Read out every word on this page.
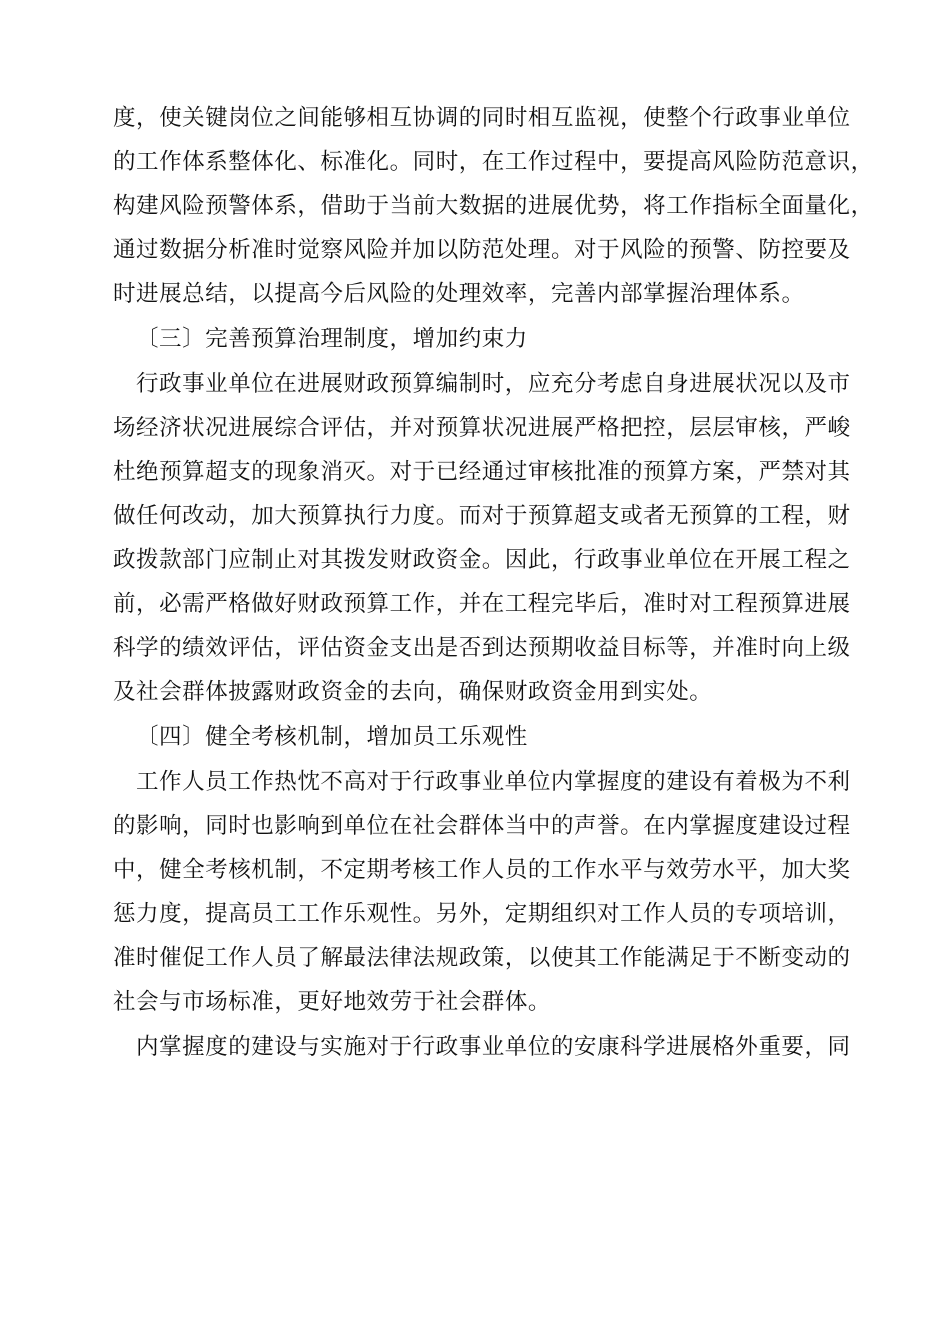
度，使关键岗位之间能够相互协调的同时相互监视，使整个行政事业单位
的工作体系整体化、标准化。同时，在工作过程中，要提高风险防范意识，
构建风险预警体系，借助于当前大数据的进展优势，将工作指标全面量化，
通过数据分析准时觉察风险并加以防范处理。对于风险的预警、防控要及
时进展总结，以提高今后风险的处理效率，完善内部掌握治理体系。
〔三〕完善预算治理制度，增加约束力
行政事业单位在进展财政预算编制时，应充分考虑自身进展状况以及市
场经济状况进展综合评估，并对预算状况进展严格把控，层层审核，严峻
杜绝预算超支的现象消灭。对于已经通过审核批准的预算方案，严禁对其
做任何改动，加大预算执行力度。而对于预算超支或者无预算的工程，财
政拨款部门应制止对其拨发财政资金。因此，行政事业单位在开展工程之
前，必需严格做好财政预算工作，并在工程完毕后，准时对工程预算进展
科学的绩效评估，评估资金支出是否到达预期收益目标等，并准时向上级
及社会群体披露财政资金的去向，确保财政资金用到实处。
〔四〕健全考核机制，增加员工乐观性
工作人员工作热忱不高对于行政事业单位内掌握度的建设有着极为不利
的影响，同时也影响到单位在社会群体当中的声誉。在内掌握度建设过程
中，健全考核机制，不定期考核工作人员的工作水平与效劳水平，加大奖
惩力度，提高员工工作乐观性。另外，定期组织对工作人员的专项培训，
准时催促工作人员了解最法律法规政策，以使其工作能满足于不断变动的
社会与市场标准，更好地效劳于社会群体。
内掌握度的建设与实施对于行政事业单位的安康科学进展格外重要，同
